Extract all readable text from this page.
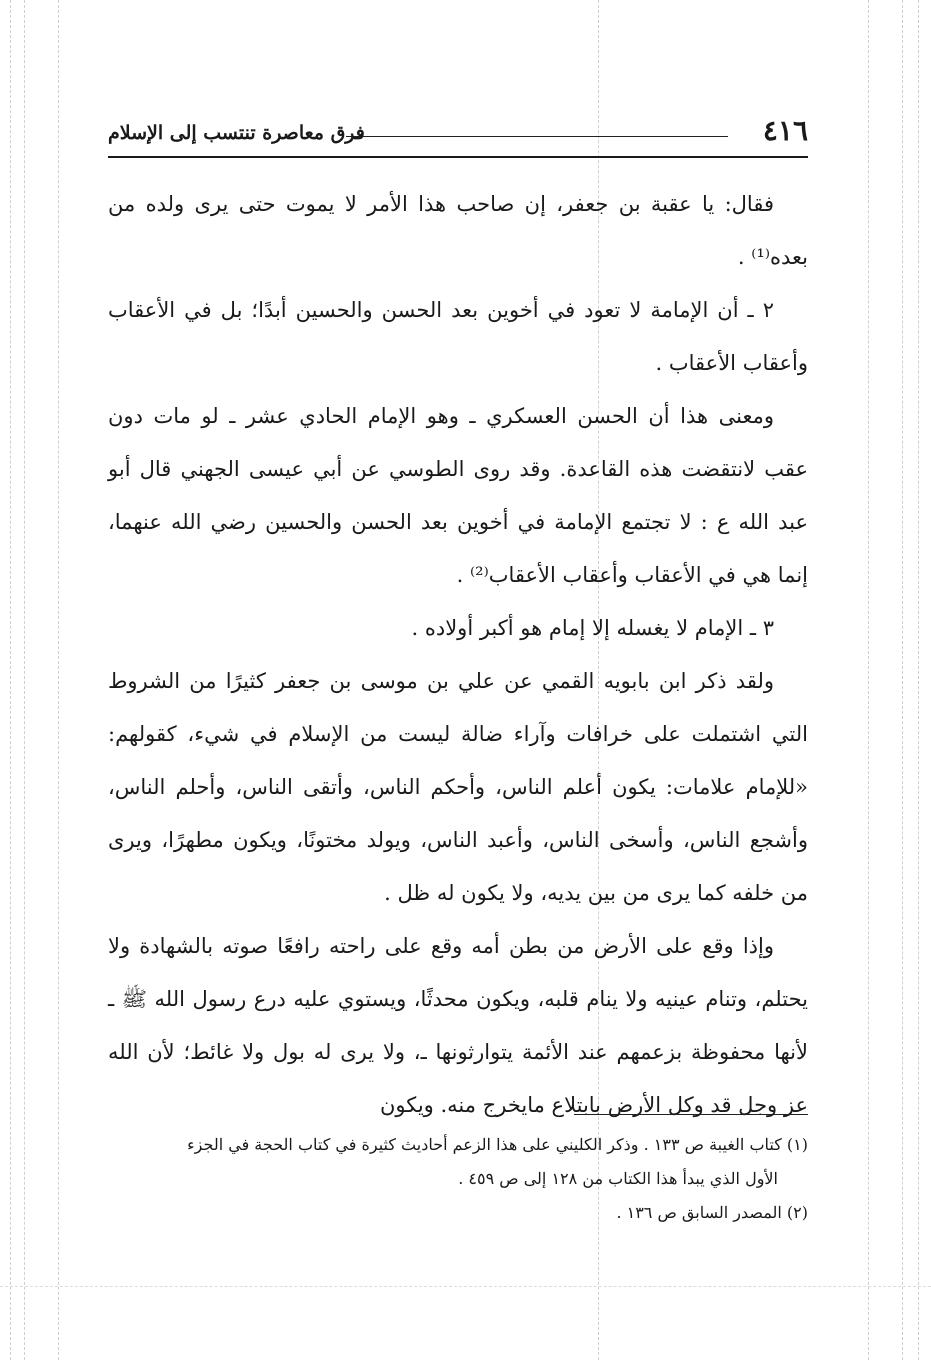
٤١٦
فرق معاصرة تنتسب إلى الإسلام

فقال: يا عقبة بن جعفر، إن صاحب هذا الأمر لا يموت حتى يرى ولده من بعده⁽¹⁾ .

٢ ـ أن الإمامة لا تعود في أخوين بعد الحسن والحسين أبدًا؛ بل في الأعقاب وأعقاب الأعقاب .

ومعنى هذا أن الحسن العسكري ـ وهو الإمام الحادي عشر ـ لو مات دون عقب لانتقضت هذه القاعدة. وقد روى الطوسي عن أبي عيسى الجهني قال أبو عبد الله ع : لا تجتمع الإمامة في أخوين بعد الحسن والحسين رضي الله عنهما، إنما هي في الأعقاب وأعقاب الأعقاب⁽²⁾ .

٣ ـ الإمام لا يغسله إلا إمام هو أكبر أولاده .

ولقد ذكر ابن بابويه القمي عن علي بن موسى بن جعفر كثيرًا من الشروط التي اشتملت على خرافات وآراء ضالة ليست من الإسلام في شيء، كقولهم: «للإمام علامات: يكون أعلم الناس، وأحكم الناس، وأتقى الناس، وأحلم الناس، وأشجع الناس، وأسخى الناس، وأعبد الناس، ويولد مختونًا، ويكون مطهرًا، ويرى من خلفه كما يرى من بين يديه، ولا يكون له ظل .

وإذا وقع على الأرض من بطن أمه وقع على راحته رافعًا صوته بالشهادة ولا يحتلم، وتنام عينيه ولا ينام قلبه، ويكون محدثًا، ويستوي عليه درع رسول الله ﷺ ـ لأنها محفوظة بزعمهم عند الأئمة يتوارثونها ـ، ولا يرى له بول ولا غائط؛ لأن الله عز وجل قد وكل الأرض بابتلاع مايخرج منه. ويكون

(١) كتاب الغيبة ص ١٣٣ . وذكر الكليني على هذا الزعم أحاديث كثيرة في كتاب الحجة في الجزء

الأول الذي يبدأ هذا الكتاب من ١٢٨ إلى ص ٤٥٩ .

(٢) المصدر السابق ص ١٣٦ .
